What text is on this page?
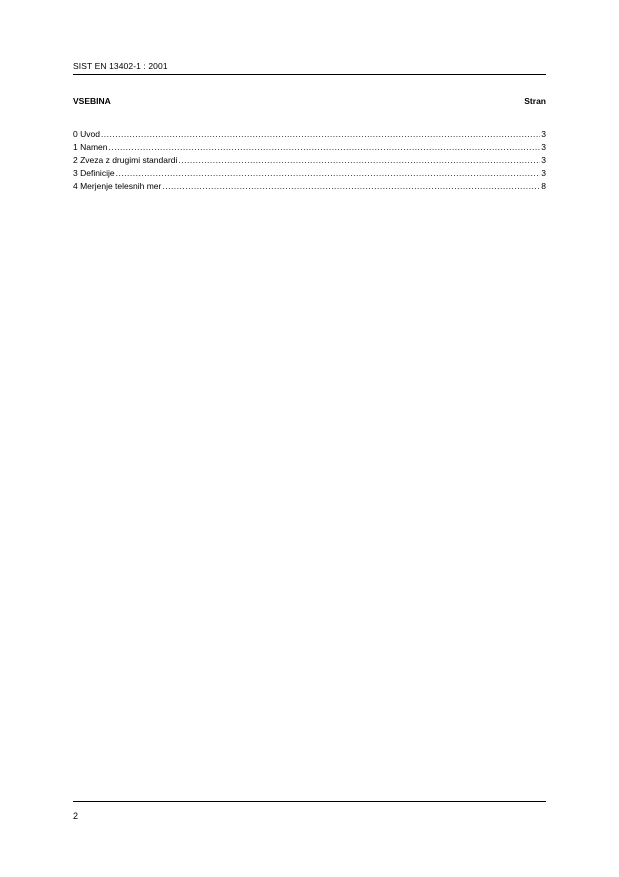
SIST EN 13402-1 : 2001
VSEBINA	Stran
0 Uvod .....	3
1 Namen .....	3
2 Zveza z drugimi standardi .....	3
3 Definicije .....	3
4 Merjenje telesnih mer .....	8
2
